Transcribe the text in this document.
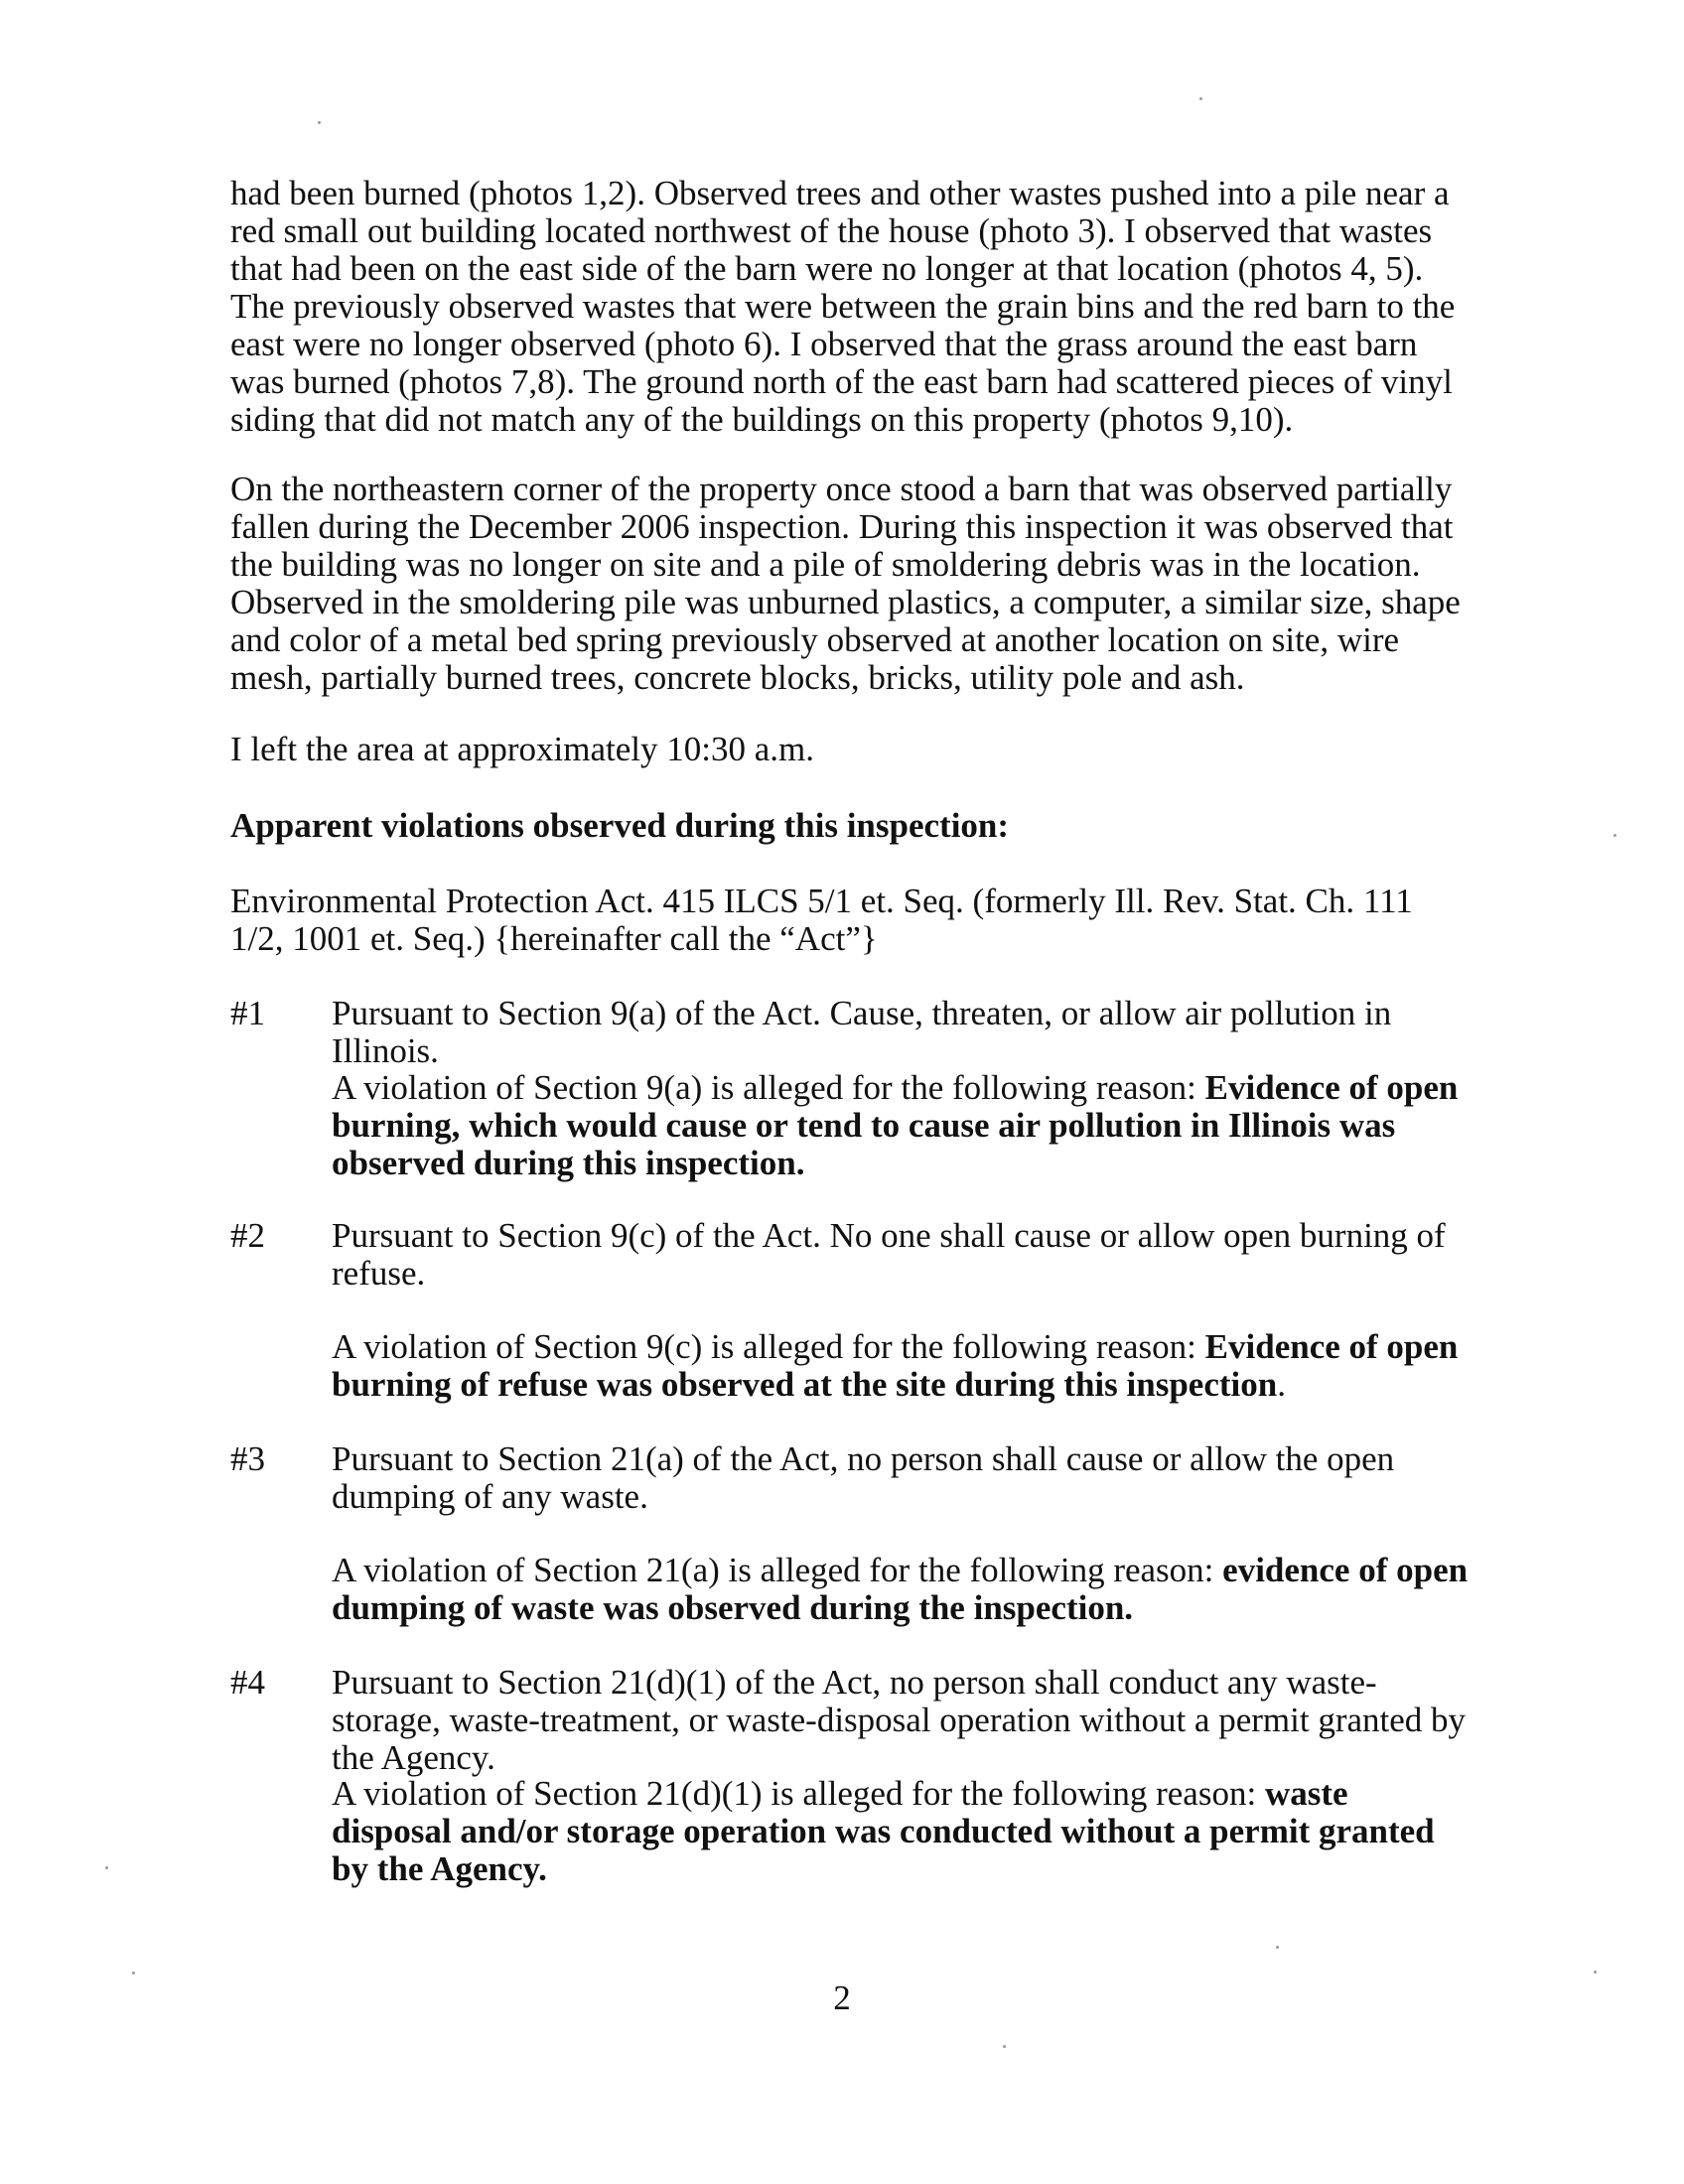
had been burned (photos 1,2). Observed trees and other wastes pushed into a pile near a red small out building located northwest of the house (photo 3). I observed that wastes that had been on the east side of the barn were no longer at that location (photos 4, 5). The previously observed wastes that were between the grain bins and the red barn to the east were no longer observed (photo 6). I observed that the grass around the east barn was burned (photos 7,8). The ground north of the east barn had scattered pieces of vinyl siding that did not match any of the buildings on this property (photos 9,10).

On the northeastern corner of the property once stood a barn that was observed partially fallen during the December 2006 inspection. During this inspection it was observed that the building was no longer on site and a pile of smoldering debris was in the location. Observed in the smoldering pile was unburned plastics, a computer, a similar size, shape and color of a metal bed spring previously observed at another location on site, wire mesh, partially burned trees, concrete blocks, bricks, utility pole and ash.

I left the area at approximately 10:30 a.m.

Apparent violations observed during this inspection:

Environmental Protection Act. 415 ILCS 5/1 et. Seq. (formerly Ill. Rev. Stat. Ch. 111 1/2, 1001 et. Seq.) {hereinafter call the “Act”}

#1 Pursuant to Section 9(a) of the Act. Cause, threaten, or allow air pollution in Illinois.

A violation of Section 9(a) is alleged for the following reason: Evidence of open burning, which would cause or tend to cause air pollution in Illinois was observed during this inspection.

#2 Pursuant to Section 9(c) of the Act. No one shall cause or allow open burning of refuse.

A violation of Section 9(c) is alleged for the following reason: Evidence of open burning of refuse was observed at the site during this inspection.

#3 Pursuant to Section 21(a) of the Act, no person shall cause or allow the open dumping of any waste.

A violation of Section 21(a) is alleged for the following reason: evidence of open dumping of waste was observed during the inspection.

#4 Pursuant to Section 21(d)(1) of the Act, no person shall conduct any waste-storage, waste-treatment, or waste-disposal operation without a permit granted by the Agency.

A violation of Section 21(d)(1) is alleged for the following reason: waste disposal and/or storage operation was conducted without a permit granted by the Agency.

2
